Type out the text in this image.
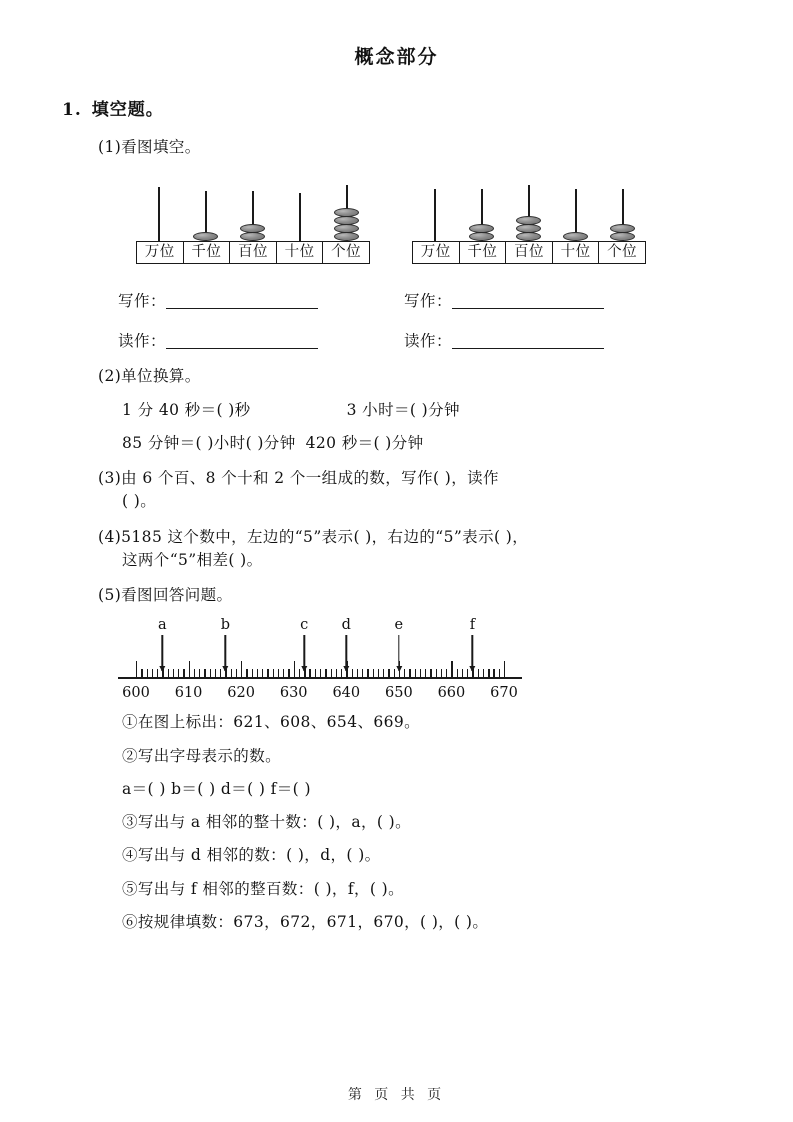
概念部分
1. 填空题。
(1)看图填空。
万位	千位	百位	十位	个位	万位	千位	百位	十位	个位
写作：	写作：
读作：	读作：
(2)单位换算。
1 分 40 秒＝( )秒	3 小时＝( )分钟
85 分钟＝( )小时( )分钟 420 秒＝( )分钟
(3)由 6 个百、8 个十和 2 个一组成的数，写作( )，读作
( )。
(4)5185 这个数中，左边的“5”表示( )，右边的“5”表示( )，
这两个“5”相差( )。
(5)看图回答问题。
600 610 620 630 640 650 660 670
a	b	c d	e	f
①在图上标出：621、608、654、669。
②写出字母表示的数。
a＝( ) b＝( ) d＝( ) f＝( )
③写出与 a 相邻的整十数：( )，a，( )。
④写出与 d 相邻的数：( )，d，( )。
⑤写出与 f 相邻的整百数：( )，f，( )。
⑥按规律填数：673，672，671，670，( )，( )。
第 页 共 页
